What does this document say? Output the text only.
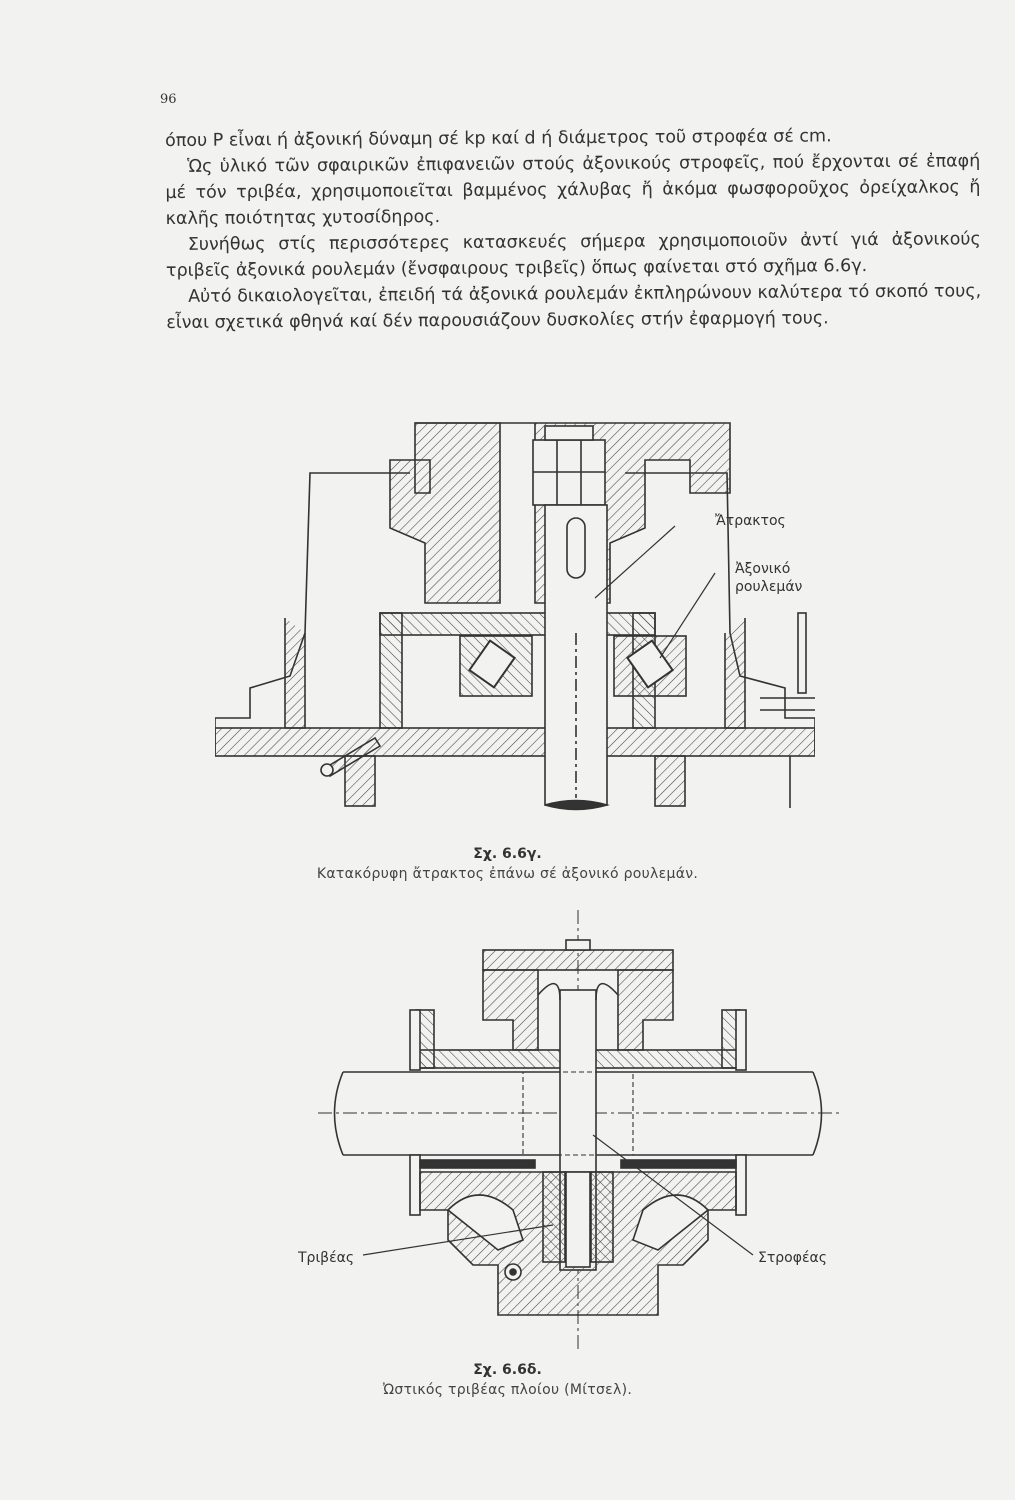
96

όπου P εἶναι ή ἀξονική δύναμη σέ kp καί d ή διάμετρος τοῦ στροφέα σέ cm.

Ὡς ὑλικό τῶν σφαιρικῶν ἐπιφανειῶν στούς ἀξονικούς στροφεῖς, πού ἔρχονται σέ ἐπαφή μέ τόν τριβέα, χρησιμοποιεῖται βαμμένος χάλυβας ἤ ἀκόμα φωσφοροῦχος ὀρείχαλκος ἤ καλῆς ποιότητας χυτοσίδηρος.

Συνήθως στίς περισσότερες κατασκευές σήμερα χρησιμοποιοῦν ἀντί γιά ἀξονικούς τριβεῖς ἀξονικά ρουλεμάν (ἔνσφαιρους τριβεῖς) ὅπως φαίνεται στό σχῆμα 6.6γ.

Αὐτό δικαιολογεῖται, ἐπειδή τά ἀξονικά ρουλεμάν ἐκπληρώνουν καλύτερα τό σκοπό τους, εἶναι σχετικά φθηνά καί δέν παρουσιάζουν δυσκολίες στήν ἐφαρμογή τους.

Ἄτρακτος
Ἀξονικό
ρουλεμάν
Σχ. 6.6γ.
Κατακόρυφη ἄτρακτος ἐπάνω σέ ἀξονικό ρουλεμάν.
Τριβέας	Στροφέας
Σχ. 6.6δ.
Ὠστικός τριβέας πλοίου (Μίτσελ).
